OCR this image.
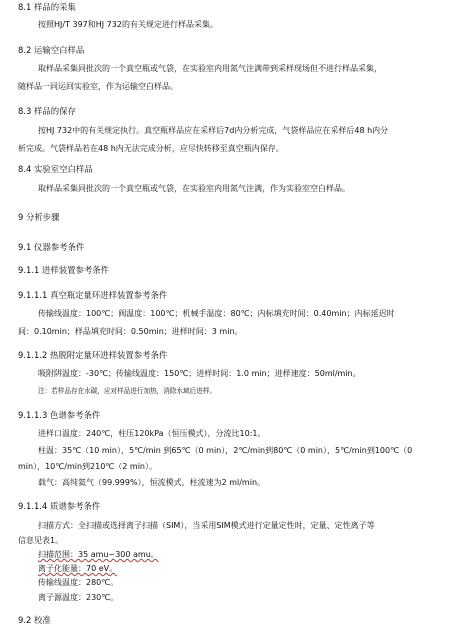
8.1 样品的采集
按照HJ/T 397和HJ 732的有关规定进行样品采集。
8.2 运输空白样品
取样品采集同批次的一个真空瓶或气袋，在实验室内用氮气注满带到采样现场但不进行样品采集，
随样品一同运回实验室，作为运输空白样品。
8.3 样品的保存
按HJ 732中的有关规定执行。真空瓶样品应在采样后7d内分析完成，气袋样品应在采样后48 h内分
析完成。气袋样品若在48 h内无法完成分析，应尽快转移至真空瓶内保存。
8.4 实验室空白样品
取样品采集同批次的一个真空瓶或气袋，在实验室内用氮气注满，作为实验室空白样品。
9 分析步骤
9.1 仪器参考条件
9.1.1 进样装置参考条件
9.1.1.1 真空瓶定量环进样装置参考条件
传输线温度：100℃；阀温度：100℃；机械手温度：80℃；内标填充时间：0.40min；内标延迟时
间：0.10min；样品填充时间：0.50min；进样时间：3 min。
9.1.1.2 热脱附定量环进样装置参考条件
吸附阱温度：-30℃；传输线温度：150℃；进样时间：1.0 min；进样速度：50ml/min。
注：若样品存在水碳，应对样品进行加热，消除水域后进样。
9.1.1.3 色谱参考条件
进样口温度：240℃，柱压120kPa（恒压模式），分流比10:1。
柱温：35℃（10 min），5℃/min 到65℃（0 min），2℃/min到80℃（0 min），5℃/min到100℃（0
min），10℃/min到210℃（2 min）。
载气：高纯氦气（99.999%），恒流模式，柱流速为2 ml/min。
9.1.1.4 质谱参考条件
扫描方式：全扫描或选择离子扫描（SIM），当采用SIM模式进行定量定性时，定量、定性离子等
信息见表1。
扫描范围：35 amu~300 amu。
离子化能量：70 eV。
传输线温度：280℃。
离子源温度：230℃。
9.2 校准
